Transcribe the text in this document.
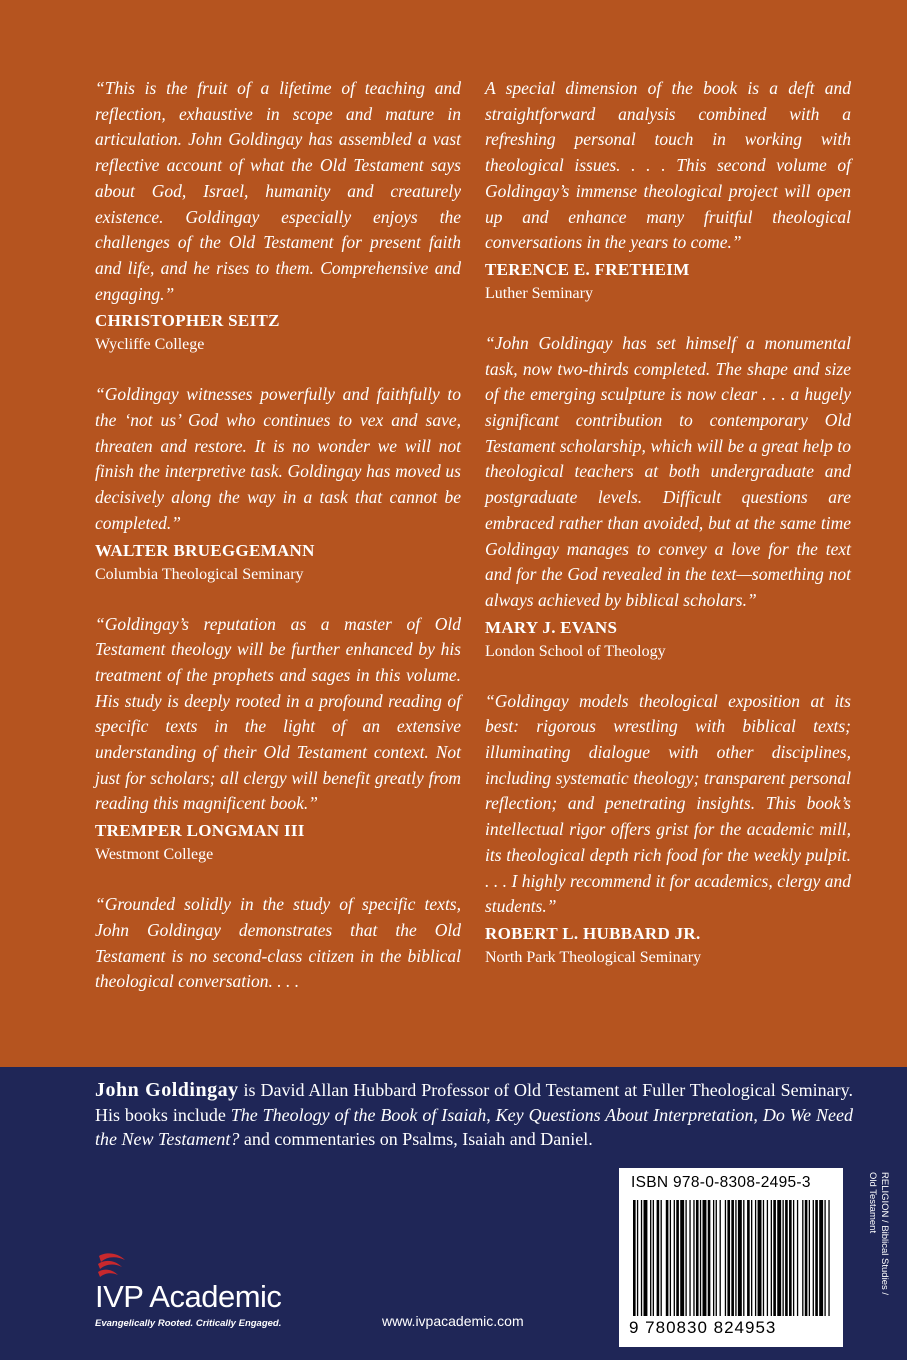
“This is the fruit of a lifetime of teaching and reflection, exhaustive in scope and mature in articulation. John Goldingay has assembled a vast reflective account of what the Old Testament says about God, Israel, humanity and creaturely existence. Goldingay especially enjoys the challenges of the Old Testament for present faith and life, and he rises to them. Comprehensive and engaging.”

CHRISTOPHER SEITZ
Wycliffe College

“Goldingay witnesses powerfully and faithfully to the ‘not us’ God who continues to vex and save, threaten and restore. It is no wonder we will not finish the interpretive task. Goldingay has moved us decisively along the way in a task that cannot be completed.”

WALTER BRUEGGEMANN
Columbia Theological Seminary

“Goldingay’s reputation as a master of Old Testament theology will be further enhanced by his treatment of the prophets and sages in this volume. His study is deeply rooted in a profound reading of specific texts in the light of an extensive understanding of their Old Testament context. Not just for scholars; all clergy will benefit greatly from reading this magnificent book.”

TREMPER LONGMAN III
Westmont College

“Grounded solidly in the study of specific texts, John Goldingay demonstrates that the Old Testament is no second-class citizen in the biblical theological conversation. . . .

A special dimension of the book is a deft and straightforward analysis combined with a refreshing personal touch in working with theological issues. . . . This second volume of Goldingay’s immense theological project will open up and enhance many fruitful theological conversations in the years to come.”

TERENCE E. FRETHEIM
Luther Seminary

“John Goldingay has set himself a monumental task, now two-thirds completed. The shape and size of the emerging sculpture is now clear . . . a hugely significant contribution to contemporary Old Testament scholarship, which will be a great help to theological teachers at both undergraduate and postgraduate levels. Difficult questions are embraced rather than avoided, but at the same time Goldingay manages to convey a love for the text and for the God revealed in the text—something not always achieved by biblical scholars.”

MARY J. EVANS
London School of Theology

“Goldingay models theological exposition at its best: rigorous wrestling with biblical texts; illuminating dialogue with other disciplines, including systematic theology; transparent personal reflection; and penetrating insights. This book’s intellectual rigor offers grist for the academic mill, its theological depth rich food for the weekly pulpit. . . . I highly recommend it for academics, clergy and students.”

ROBERT L. HUBBARD JR.
North Park Theological Seminary
John Goldingay is David Allan Hubbard Professor of Old Testament at Fuller Theological Seminary. His books include The Theology of the Book of Isaiah, Key Questions About Interpretation, Do We Need the New Testament? and commentaries on Psalms, Isaiah and Daniel.
ISBN 978-0-8308-2495-3
9 780830 824953
RELIGION / Biblical Studies /
Old Testament
IVP Academic
Evangelically Rooted. Critically Engaged.	www.ivpacademic.com
